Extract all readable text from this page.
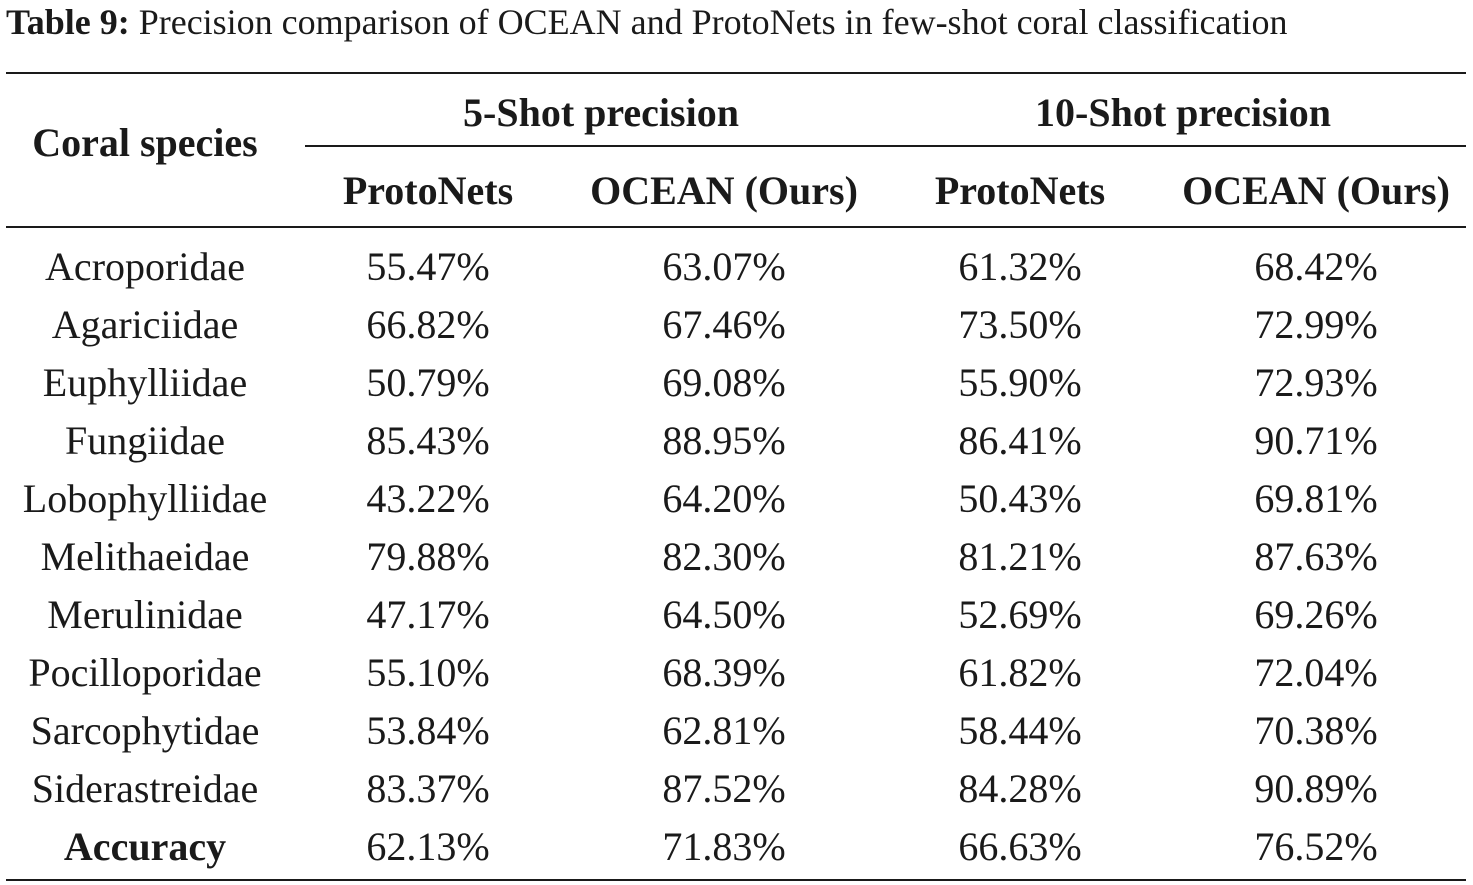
Table 9: Precision comparison of OCEAN and ProtoNets in few-shot coral classification
Coral species
5-Shot precision	10-Shot precision
ProtoNets	OCEAN (Ours)	ProtoNets	OCEAN (Ours)
Acroporidae	55.47%	63.07%	61.32%	68.42%
Agariciidae	66.82%	67.46%	73.50%	72.99%
Euphylliidae	50.79%	69.08%	55.90%	72.93%
Fungiidae	85.43%	88.95%	86.41%	90.71%
Lobophylliidae	43.22%	64.20%	50.43%	69.81%
Melithaeidae	79.88%	82.30%	81.21%	87.63%
Merulinidae	47.17%	64.50%	52.69%	69.26%
Pocilloporidae	55.10%	68.39%	61.82%	72.04%
Sarcophytidae	53.84%	62.81%	58.44%	70.38%
Siderastreidae	83.37%	87.52%	84.28%	90.89%
Accuracy	62.13%	71.83%	66.63%	76.52%
